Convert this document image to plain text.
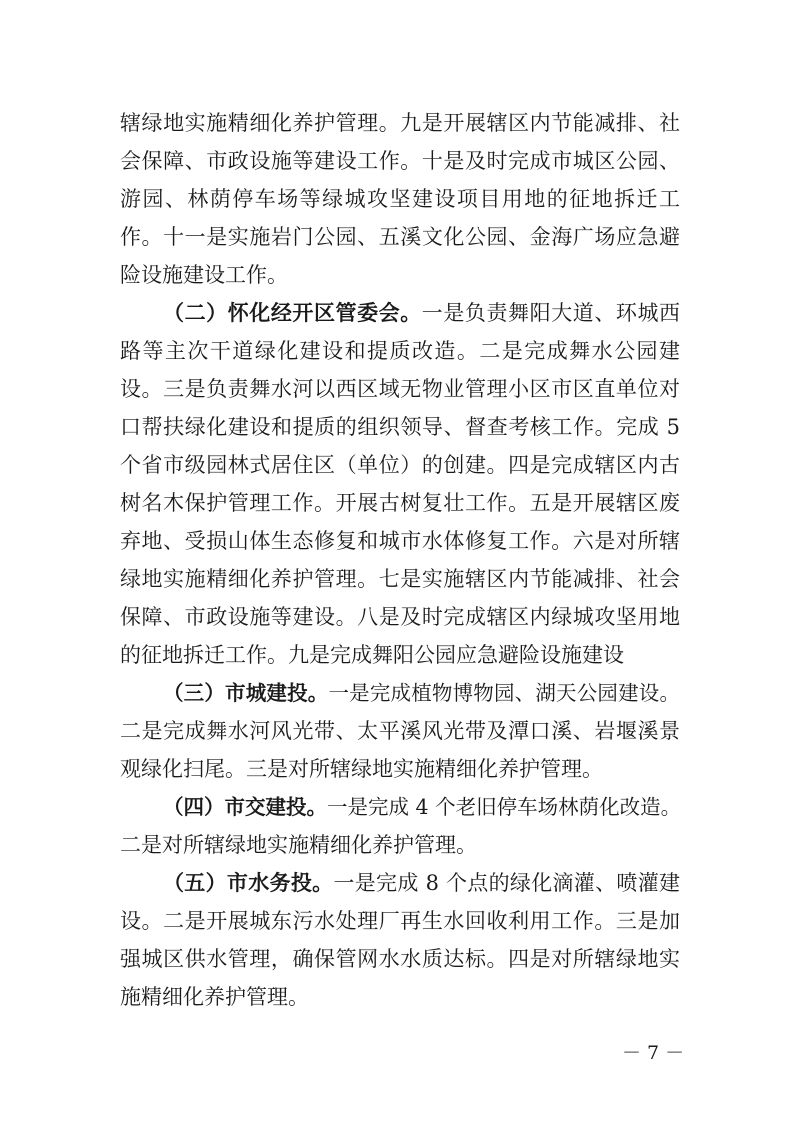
辖绿地实施精细化养护管理。九是开展辖区内节能减排、社
会保障、市政设施等建设工作。十是及时完成市城区公园、
游园、林荫停车场等绿城攻坚建设项目用地的征地拆迁工
作。十一是实施岩门公园、五溪文化公园、金海广场应急避
险设施建设工作。
（二）怀化经开区管委会。一是负责舞阳大道、环城西
路等主次干道绿化建设和提质改造。二是完成舞水公园建
设。三是负责舞水河以西区域无物业管理小区市区直单位对
口帮扶绿化建设和提质的组织领导、督查考核工作。完成 5
个省市级园林式居住区（单位）的创建。四是完成辖区内古
树名木保护管理工作。开展古树复壮工作。五是开展辖区废
弃地、受损山体生态修复和城市水体修复工作。六是对所辖
绿地实施精细化养护管理。七是实施辖区内节能减排、社会
保障、市政设施等建设。八是及时完成辖区内绿城攻坚用地
的征地拆迁工作。九是完成舞阳公园应急避险设施建设
（三）市城建投。一是完成植物博物园、湖天公园建设。
二是完成舞水河风光带、太平溪风光带及潭口溪、岩堰溪景
观绿化扫尾。三是对所辖绿地实施精细化养护管理。
（四）市交建投。一是完成 4 个老旧停车场林荫化改造。
二是对所辖绿地实施精细化养护管理。
（五）市水务投。一是完成 8 个点的绿化滴灌、喷灌建
设。二是开展城东污水处理厂再生水回收利用工作。三是加
强城区供水管理，确保管网水水质达标。四是对所辖绿地实
施精细化养护管理。
－ 7 －
